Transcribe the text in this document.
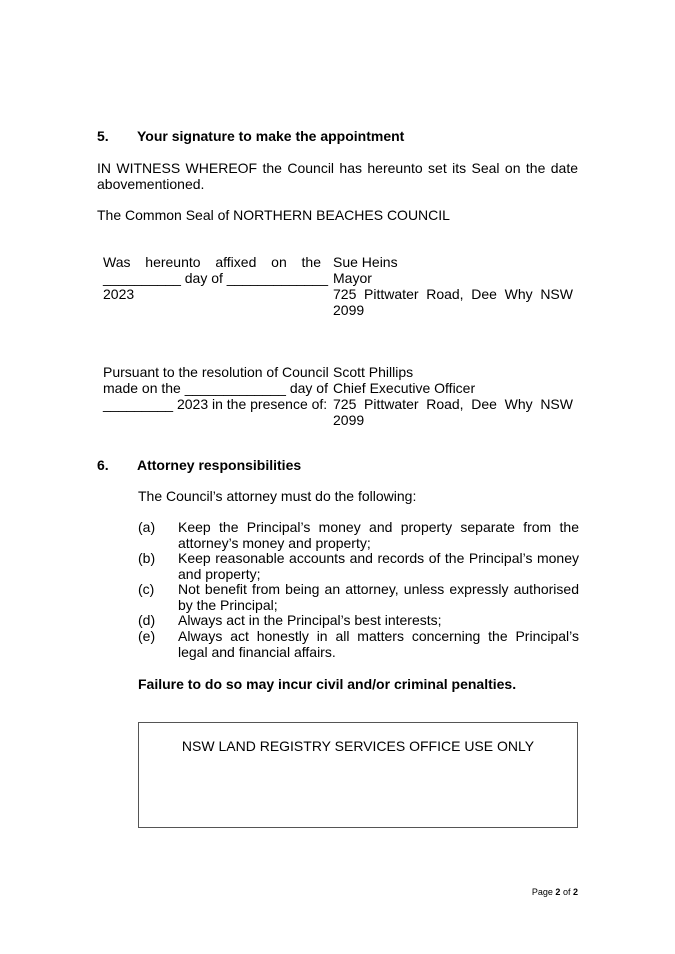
5. Your signature to make the appointment
IN WITNESS WHEREOF the Council has hereunto set its Seal on the date abovementioned.
The Common Seal of NORTHERN BEACHES COUNCIL
Was hereunto affixed on the
__________ day of _____________
2023
Sue Heins
Mayor
725 Pittwater Road, Dee Why NSW 2099
Pursuant to the resolution of Council
made on the _____________ day of
_________ 2023 in the presence of:
Scott Phillips
Chief Executive Officer
725 Pittwater Road, Dee Why NSW 2099
6. Attorney responsibilities
The Council’s attorney must do the following:
(a) Keep the Principal’s money and property separate from the attorney’s money and property;
(b) Keep reasonable accounts and records of the Principal’s money and property;
(c) Not benefit from being an attorney, unless expressly authorised by the Principal;
(d) Always act in the Principal’s best interests;
(e) Always act honestly in all matters concerning the Principal’s legal and financial affairs.
Failure to do so may incur civil and/or criminal penalties.
NSW LAND REGISTRY SERVICES OFFICE USE ONLY
Page 2 of 2
